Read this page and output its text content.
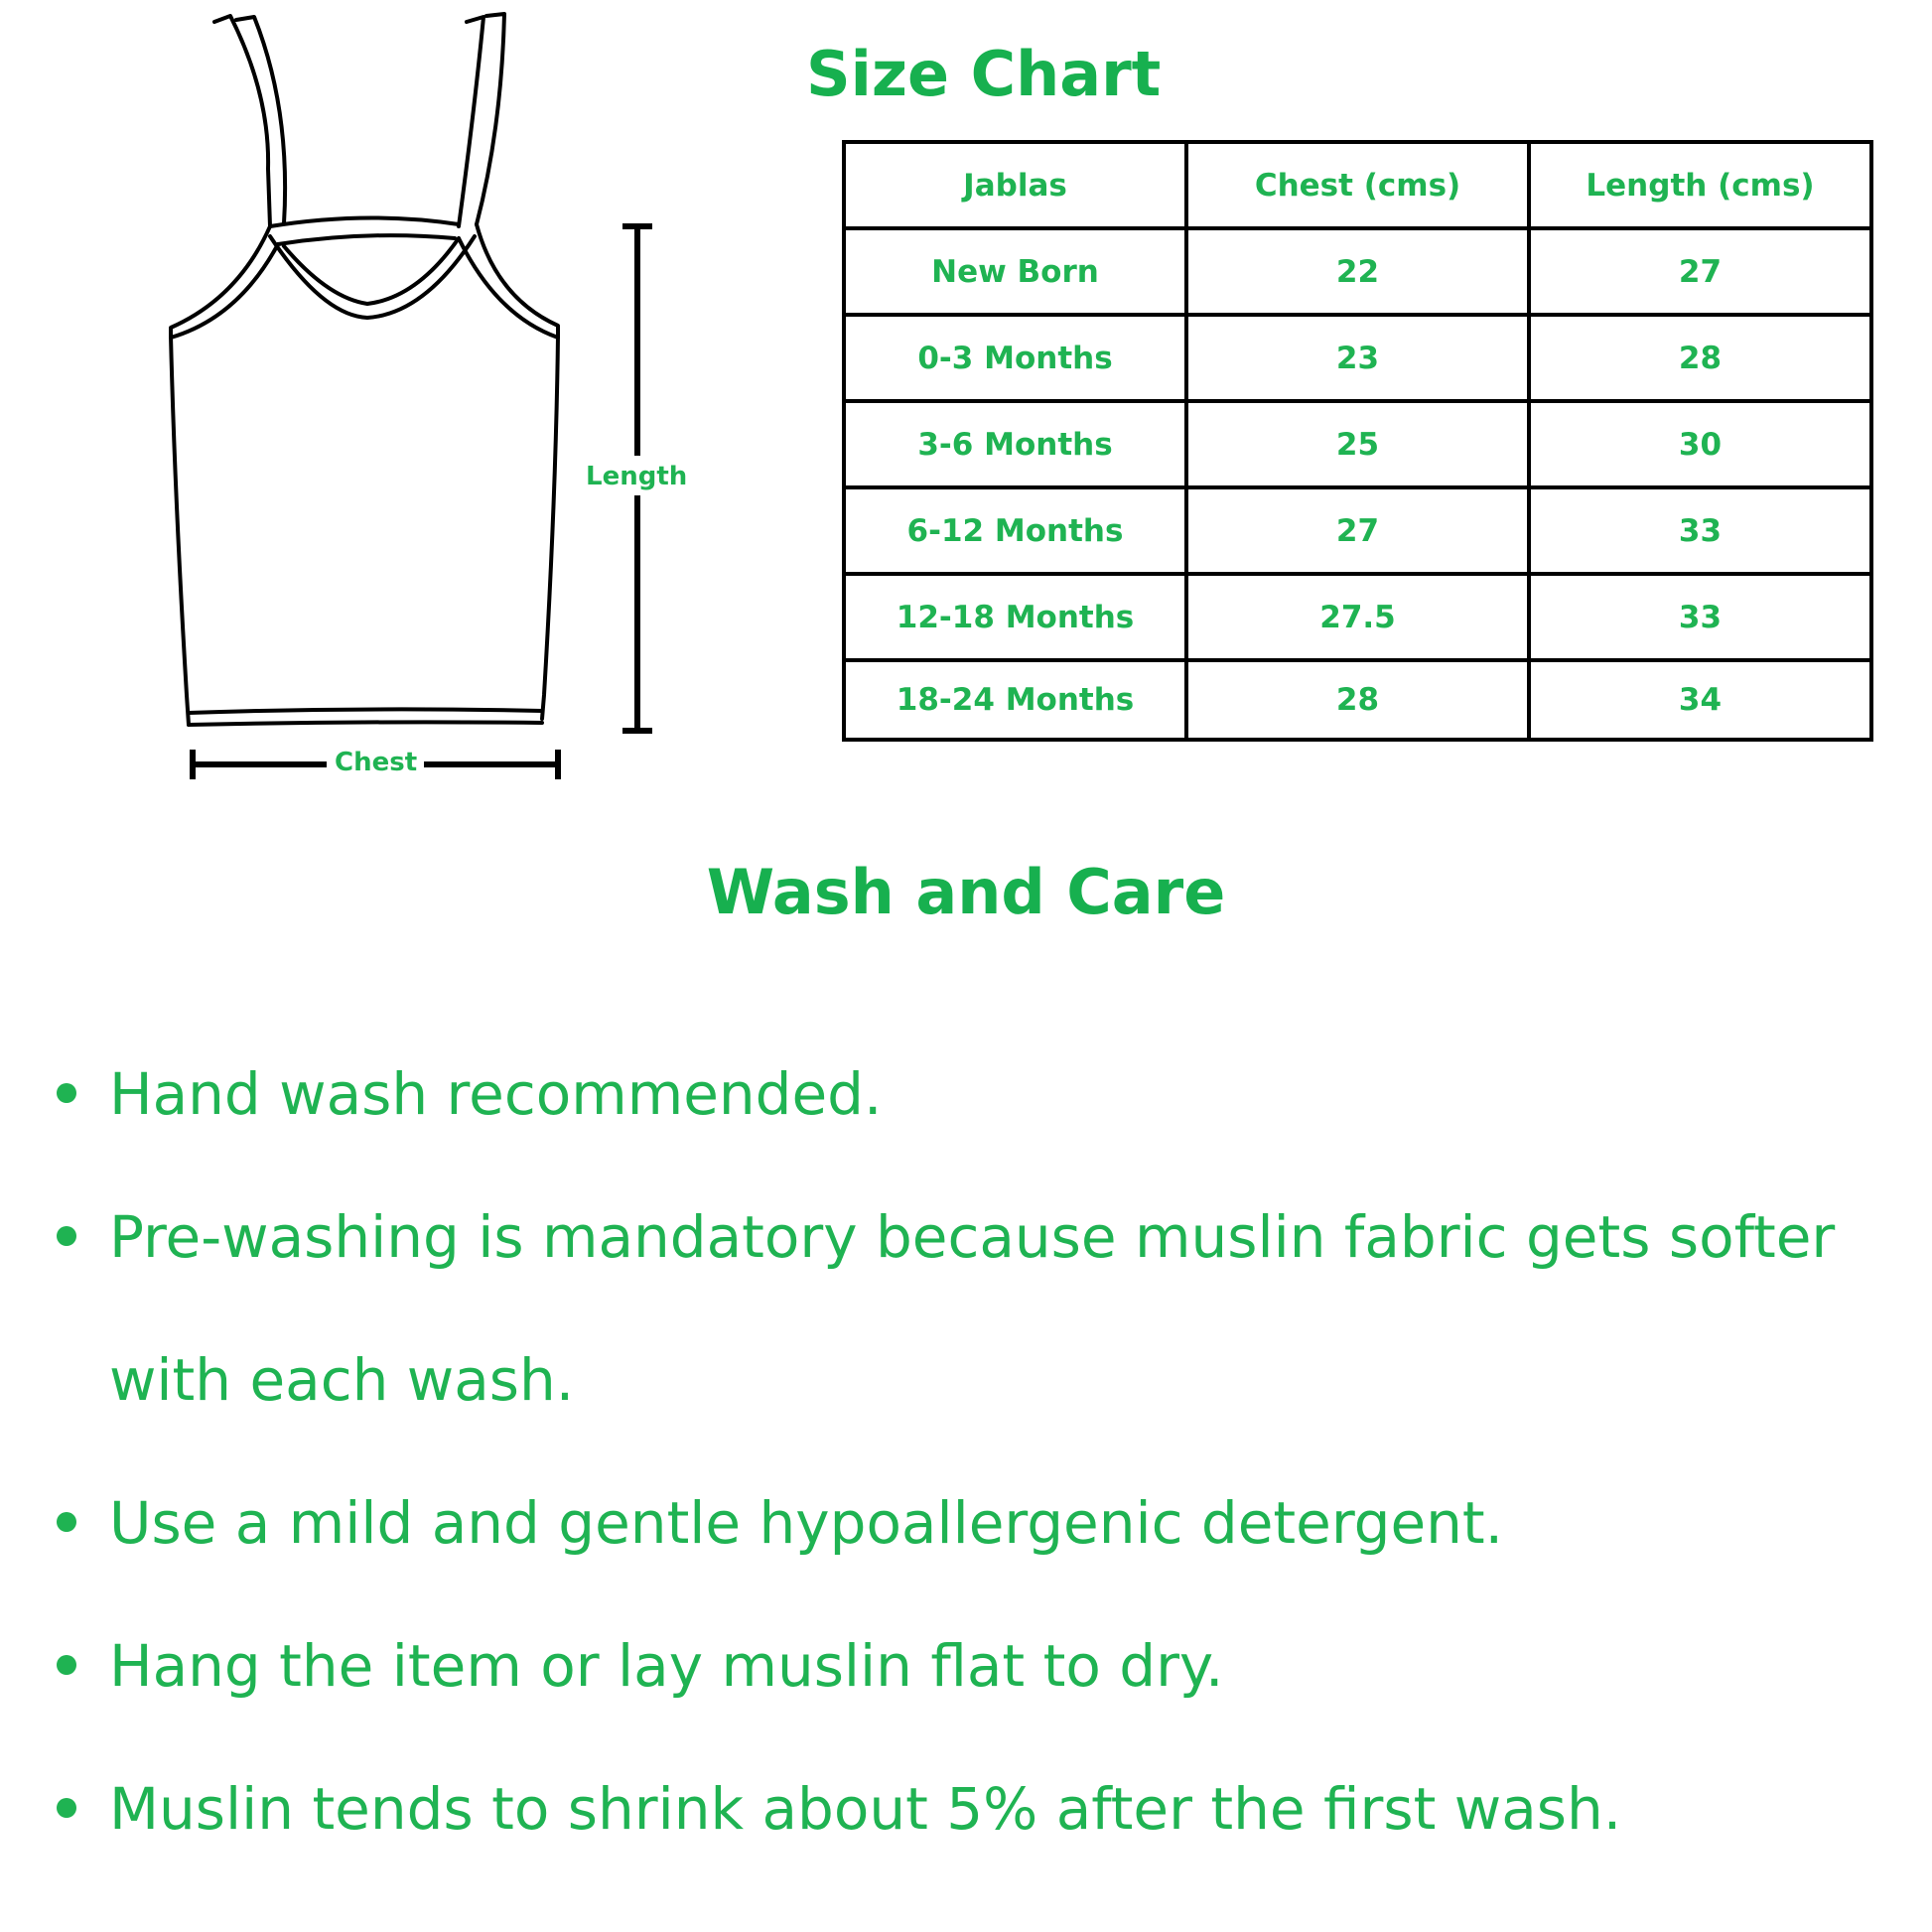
Length
Chest
Size Chart
Jablas	Chest (cms)	Length (cms)
New Born	22	27
0-3 Months	23	28
3-6 Months	25	30
6-12 Months	27	33
12-18 Months	27.5	33
18-24 Months	28	34
Wash and Care
Hand wash recommended.
Pre-washing is mandatory because muslin fabric gets softer with each wash.
Use a mild and gentle hypoallergenic detergent.
Hang the item or lay muslin flat to dry.
Muslin tends to shrink about 5% after the first wash.
